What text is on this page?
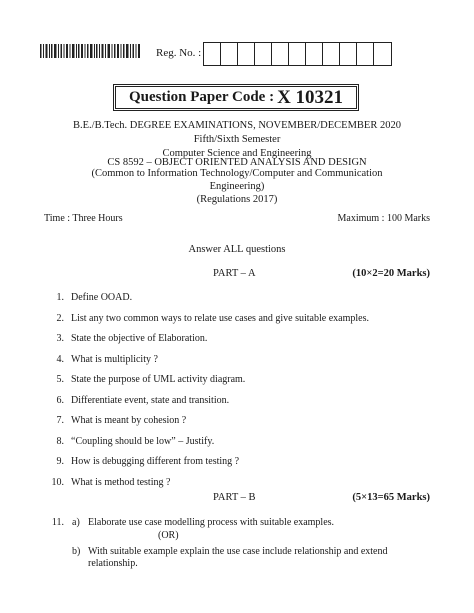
Reg. No. :
Question Paper Code : X 10321
B.E./B.Tech. DEGREE EXAMINATIONS, NOVEMBER/DECEMBER 2020
Fifth/Sixth Semester
Computer Science and Engineering
CS 8592 – OBJECT ORIENTED ANALYSIS AND DESIGN
(Common to Information Technology/Computer and Communication
Engineering)
(Regulations 2017)
Time : Three Hours	Maximum : 100 Marks
Answer ALL questions
PART – A	(10×2=20 Marks)
1. Define OOAD.
2. List any two common ways to relate use cases and give suitable examples.
3. State the objective of Elaboration.
4. What is multiplicity ?
5. State the purpose of UML activity diagram.
6. Differentiate event, state and transition.
7. What is meant by cohesion ?
8. “Coupling should be low” – Justify.
9. How is debugging different from testing ?
10. What is method testing ?
PART – B	(5×13=65 Marks)
11. a) Elaborate use case modelling process with suitable examples.
(OR)
b) With suitable example explain the use case include relationship and extend
relationship.
